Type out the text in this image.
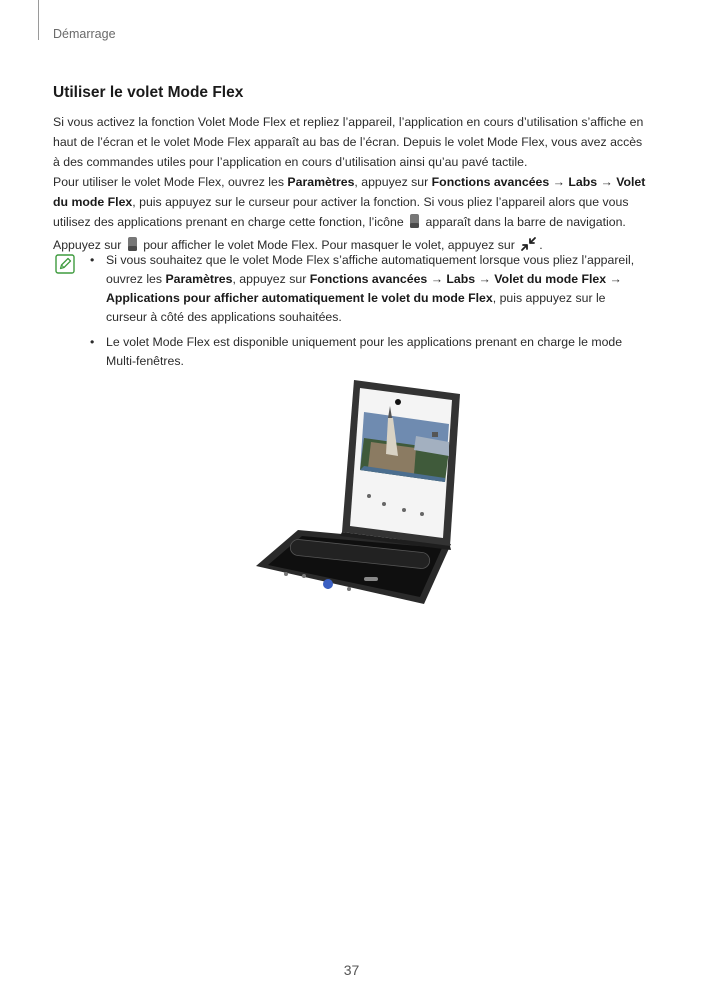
Démarrage
Utiliser le volet Mode Flex

Si vous activez la fonction Volet Mode Flex et repliez l’appareil, l’application en cours d’utilisation s’affiche en haut de l’écran et le volet Mode Flex apparaît au bas de l’écran. Depuis le volet Mode Flex, vous avez accès à des commandes utiles pour l’application en cours d’utilisation ainsi qu’au pavé tactile.

Pour utiliser le volet Mode Flex, ouvrez les Paramètres, appuyez sur Fonctions avancées → Labs → Volet du mode Flex, puis appuyez sur le curseur pour activer la fonction. Si vous pliez l’appareil alors que vous utilisez des applications prenant en charge cette fonction, l’icône  apparaît dans la barre de navigation. Appuyez sur  pour afficher le volet Mode Flex. Pour masquer le volet, appuyez sur .

• Si vous souhaitez que le volet Mode Flex s’affiche automatiquement lorsque vous pliez l’appareil, ouvrez les Paramètres, appuyez sur Fonctions avancées → Labs → Volet du mode Flex → Applications pour afficher automatiquement le volet du mode Flex, puis appuyez sur le curseur à côté des applications souhaitées.
• Le volet Mode Flex est disponible uniquement pour les applications prenant en charge le mode Multi-fenêtres.
37
